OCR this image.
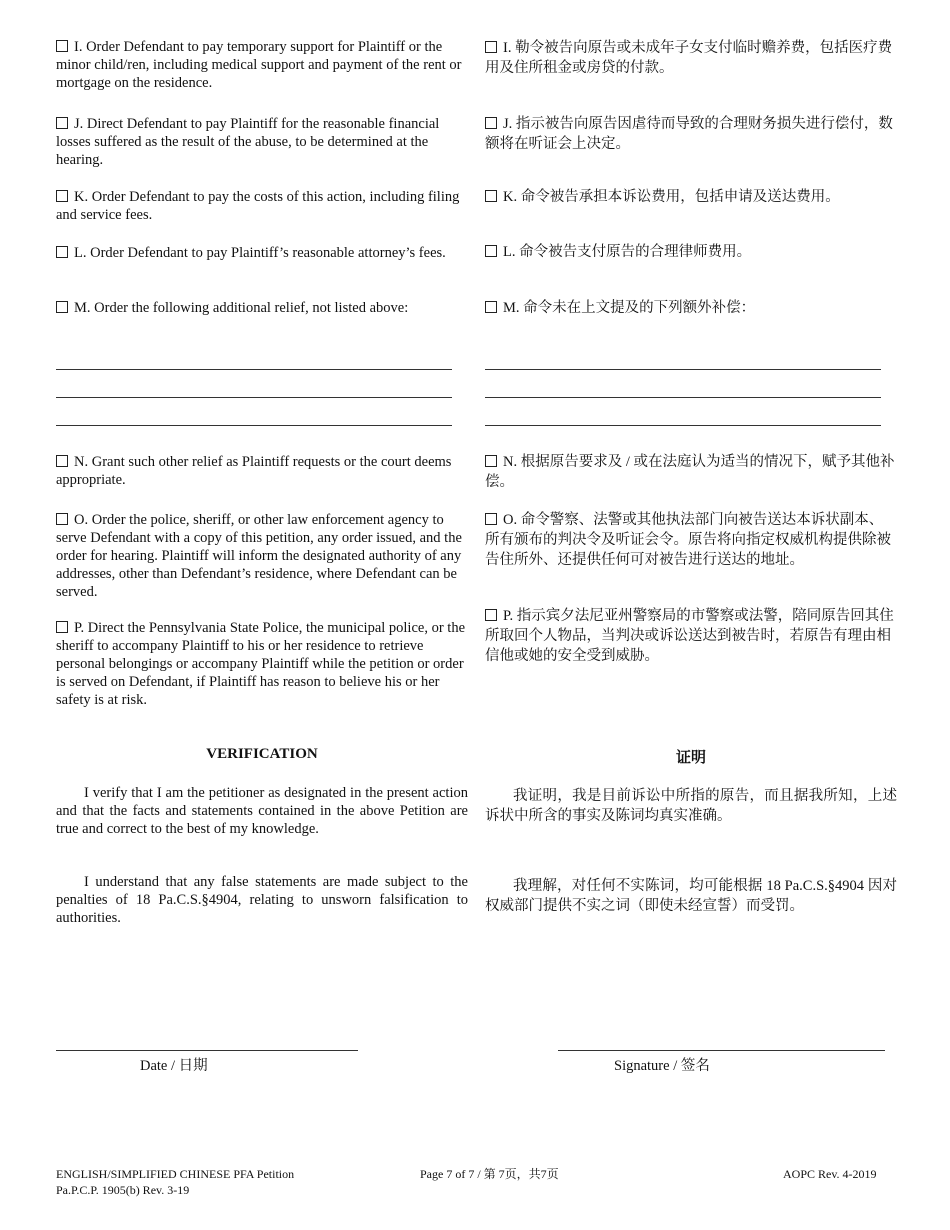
I. Order Defendant to pay temporary support for Plaintiff or the minor child/ren, including medical support and payment of the rent or mortgage on the residence.
J. Direct Defendant to pay Plaintiff for the reasonable financial losses suffered as the result of the abuse, to be determined at the hearing.
K. Order Defendant to pay the costs of this action, including filing and service fees.
L. Order Defendant to pay Plaintiff’s reasonable attorney’s fees.
M. Order the following additional relief, not listed above:
N. Grant such other relief as Plaintiff requests or the court deems appropriate.
O. Order the police, sheriff, or other law enforcement agency to serve Defendant with a copy of this petition, any order issued, and the order for hearing. Plaintiff will inform the designated authority of any addresses, other than Defendant’s residence, where Defendant can be served.
P. Direct the Pennsylvania State Police, the municipal police, or the sheriff to accompany Plaintiff to his or her residence to retrieve personal belongings or accompany Plaintiff while the petition or order is served on Defendant, if Plaintiff has reason to believe his or her safety is at risk.
I. 勒令被告向原告或未成年子女支付临时赡养费，包括医疗费用及住所租金或房贷的付款。
J. 指示被告向原告因虐待而导致的合理财务损失进行偿付，数额将在听证会上决定。
K. 命令被告承担本诉讼费用，包括申请及送达费用。
L. 命令被告支付原告的合理律师费用。
M. 命令未在上文提及的下列额外补偿：
N. 根据原告要求及 / 或在法庭认为适当的情况下，赋予其他补偿。
O. 命令警察、法警或其他执法部门向被告送达本诉状副本、所有颁布的判决令及听证会令。原告将向指定权威机构提供除被告住所外、还提供任何可对被告进行送达的地址。
P. 指示宾夕法尼亚州警察局的市警察或法警，陪同原告回其住所取回个人物品，当判决或诉讼送达到被告时，若原告有理由相信他或她的安全受到威胁。
VERIFICATION	证明
I verify that I am the petitioner as designated in the present action and that the facts and statements contained in the above Petition are true and correct to the best of my knowledge.
我证明，我是目前诉讼中所指的原告，而且据我所知，上述诉状中所含的事实及陈词均真实准确。
I understand that any false statements are made subject to the penalties of 18 Pa.C.S.§4904, relating to unsworn falsification to authorities.
我理解，对任何不实陈词，均可能根据 18 Pa.C.S.§4904 因对权威部门提供不实之词（即使未经宣誓）而受罚。
Date / 日期	Signature / 签名
ENGLISH/SIMPLIFIED CHINESE PFA Petition
Pa.P.C.P. 1905(b) Rev. 3-19
Page 7 of 7 / 第 7页，共7页	AOPC Rev. 4-2019
